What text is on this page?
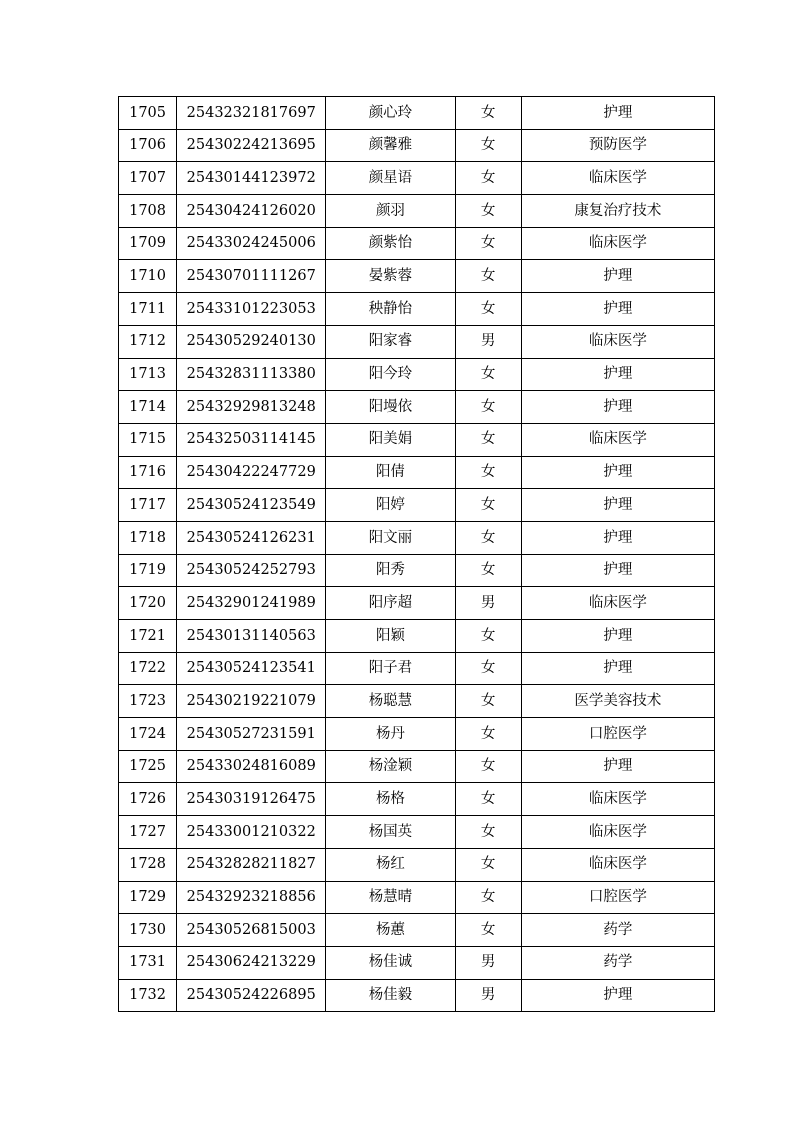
1705	25432321817697	颜心玲	女	护理
1706	25430224213695	颜馨雅	女	预防医学
1707	25430144123972	颜星语	女	临床医学
1708	25430424126020	颜羽	女	康复治疗技术
1709	25433024245006	颜紫怡	女	临床医学
1710	25430701111267	晏紫蓉	女	护理
1711	25433101223053	秧静怡	女	护理
1712	25430529240130	阳家睿	男	临床医学
1713	25432831113380	阳今玲	女	护理
1714	25432929813248	阳墁依	女	护理
1715	25432503114145	阳美娟	女	临床医学
1716	25430422247729	阳倩	女	护理
1717	25430524123549	阳婷	女	护理
1718	25430524126231	阳文丽	女	护理
1719	25430524252793	阳秀	女	护理
1720	25432901241989	阳序超	男	临床医学
1721	25430131140563	阳颖	女	护理
1722	25430524123541	阳子君	女	护理
1723	25430219221079	杨聪慧	女	医学美容技术
1724	25430527231591	杨丹	女	口腔医学
1725	25433024816089	杨淦颖	女	护理
1726	25430319126475	杨格	女	临床医学
1727	25433001210322	杨国英	女	临床医学
1728	25432828211827	杨红	女	临床医学
1729	25432923218856	杨慧晴	女	口腔医学
1730	25430526815003	杨蕙	女	药学
1731	25430624213229	杨佳诚	男	药学
1732	25430524226895	杨佳毅	男	护理
